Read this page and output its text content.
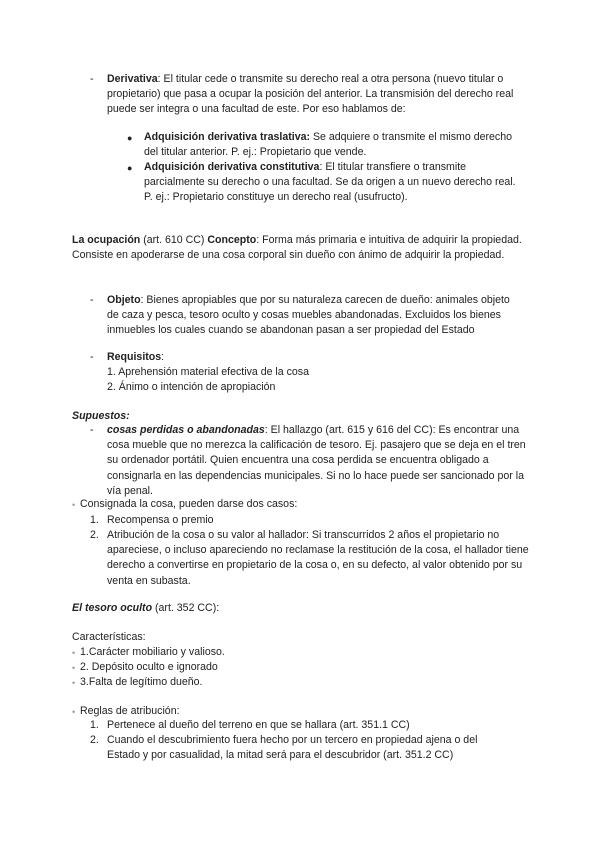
- Derivativa: El titular cede o transmite su derecho real a otra persona (nuevo titular o propietario) que pasa a ocupar la posición del anterior. La transmisión del derecho real puede ser integra o una facultad de este. Por eso hablamos de:
● Adquisición derivativa traslativa: Se adquiere o transmite el mismo derecho del titular anterior. P. ej.: Propietario que vende.
● Adquisición derivativa constitutiva: El titular transfiere o transmite parcialmente su derecho o una facultad. Se da origen a un nuevo derecho real. P. ej.: Propietario constituye un derecho real (usufructo).
La ocupación (art. 610 CC) Concepto: Forma más primaria e intuitiva de adquirir la propiedad. Consiste en apoderarse de una cosa corporal sin dueño con ánimo de adquirir la propiedad.
- Objeto: Bienes apropiables que por su naturaleza carecen de dueño: animales objeto de caza y pesca, tesoro oculto y cosas muebles abandonadas. Excluidos los bienes inmuebles los cuales cuando se abandonan pasan a ser propiedad del Estado
- Requisitos:
1. Aprehensión material efectiva de la cosa
2. Ánimo o intención de apropiación
Supuestos:
- cosas perdidas o abandonadas: El hallazgo (art. 615 y 616 del CC): Es encontrar una cosa mueble que no merezca la calificación de tesoro. Ej. pasajero que se deja en el tren su ordenador portátil. Quien encuentra una cosa perdida se encuentra obligado a consignarla en las dependencias municipales. Si no lo hace puede ser sancionado por la vía penal.
• Consignada la cosa, pueden darse dos casos:
1. Recompensa o premio
2. Atribución de la cosa o su valor al hallador: Si transcurridos 2 años el propietario no apareciese, o incluso apareciendo no reclamase la restitución de la cosa, el hallador tiene derecho a convertirse en propietario de la cosa o, en su defecto, al valor obtenido por su venta en subasta.
El tesoro oculto (art. 352 CC):
Características:
• 1.Carácter mobiliario y valioso.
• 2. Depósito oculto e ignorado
• 3.Falta de legítimo dueño.
• Reglas de atribución:
1. Pertenece al dueño del terreno en que se hallara (art. 351.1 CC)
2. Cuando el descubrimiento fuera hecho por un tercero en propiedad ajena o del Estado y por casualidad, la mitad será para el descubridor (art. 351.2 CC)
